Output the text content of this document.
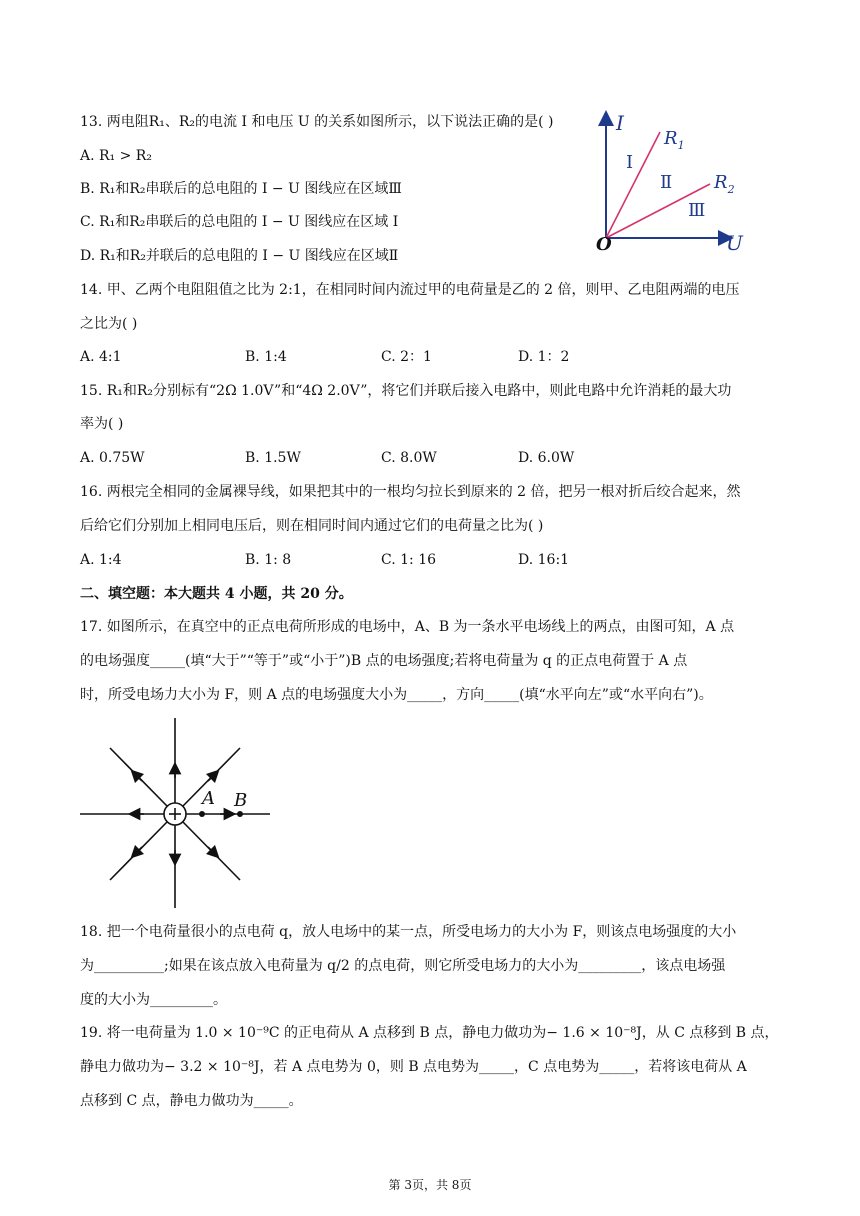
13. 两电阻R₁、R₂的电流 I 和电压 U 的关系如图所示，以下说法正确的是( )
A. R₁ > R₂
B. R₁和R₂串联后的总电阻的 I − U 图线应在区域Ⅲ
C. R₁和R₂串联后的总电阻的 I − U 图线应在区域 I
D. R₁和R₂并联后的总电阻的 I − U 图线应在区域Ⅱ
I
U
O
$R_1$
$R_2$
Ⅰ
Ⅱ
Ⅲ
14. 甲、乙两个电阻阻值之比为 2:1，在相同时间内流过甲的电荷量是乙的 2 倍，则甲、乙电阻两端的电压
之比为( )
A. 4:1	B. 1:4	C. 2：1	D. 1：2
15. R₁和R₂分别标有“2Ω 1.0V”和“4Ω 2.0V”，将它们并联后接入电路中，则此电路中允许消耗的最大功
率为( )
A. 0.75W	B. 1.5W	C. 8.0W	D. 6.0W
16. 两根完全相同的金属裸导线，如果把其中的一根均匀拉长到原来的 2 倍，把另一根对折后绞合起来，然
后给它们分别加上相同电压后，则在相同时间内通过它们的电荷量之比为( )
A. 1:4	B. 1: 8	C. 1: 16	D. 16:1
二、填空题：本大题共 4 小题，共 20 分。
17. 如图所示，在真空中的正点电荷所形成的电场中，A、B 为一条水平电场线上的两点，由图可知，A 点
的电场强度_____(填“大于”“等于”或“小于”)B 点的电场强度;若将电荷量为 q 的正点电荷置于 A 点
时，所受电场力大小为 F，则 A 点的电场强度大小为_____，方向_____(填“水平向左”或“水平向右”)。
A B
18. 把一个电荷量很小的点电荷 q，放人电场中的某一点，所受电场力的大小为 F，则该点电场强度的大小
为__________;如果在该点放入电荷量为 q/2 的点电荷，则它所受电场力的大小为_________，该点电场强
度的大小为_________。
19. 将一电荷量为 1.0 × 10⁻⁹C 的正电荷从 A 点移到 B 点，静电力做功为− 1.6 × 10⁻⁸J，从 C 点移到 B 点，
静电力做功为− 3.2 × 10⁻⁸J，若 A 点电势为 0，则 B 点电势为_____，C 点电势为_____，若将该电荷从 A
点移到 C 点，静电力做功为_____。
第 3页，共 8页
